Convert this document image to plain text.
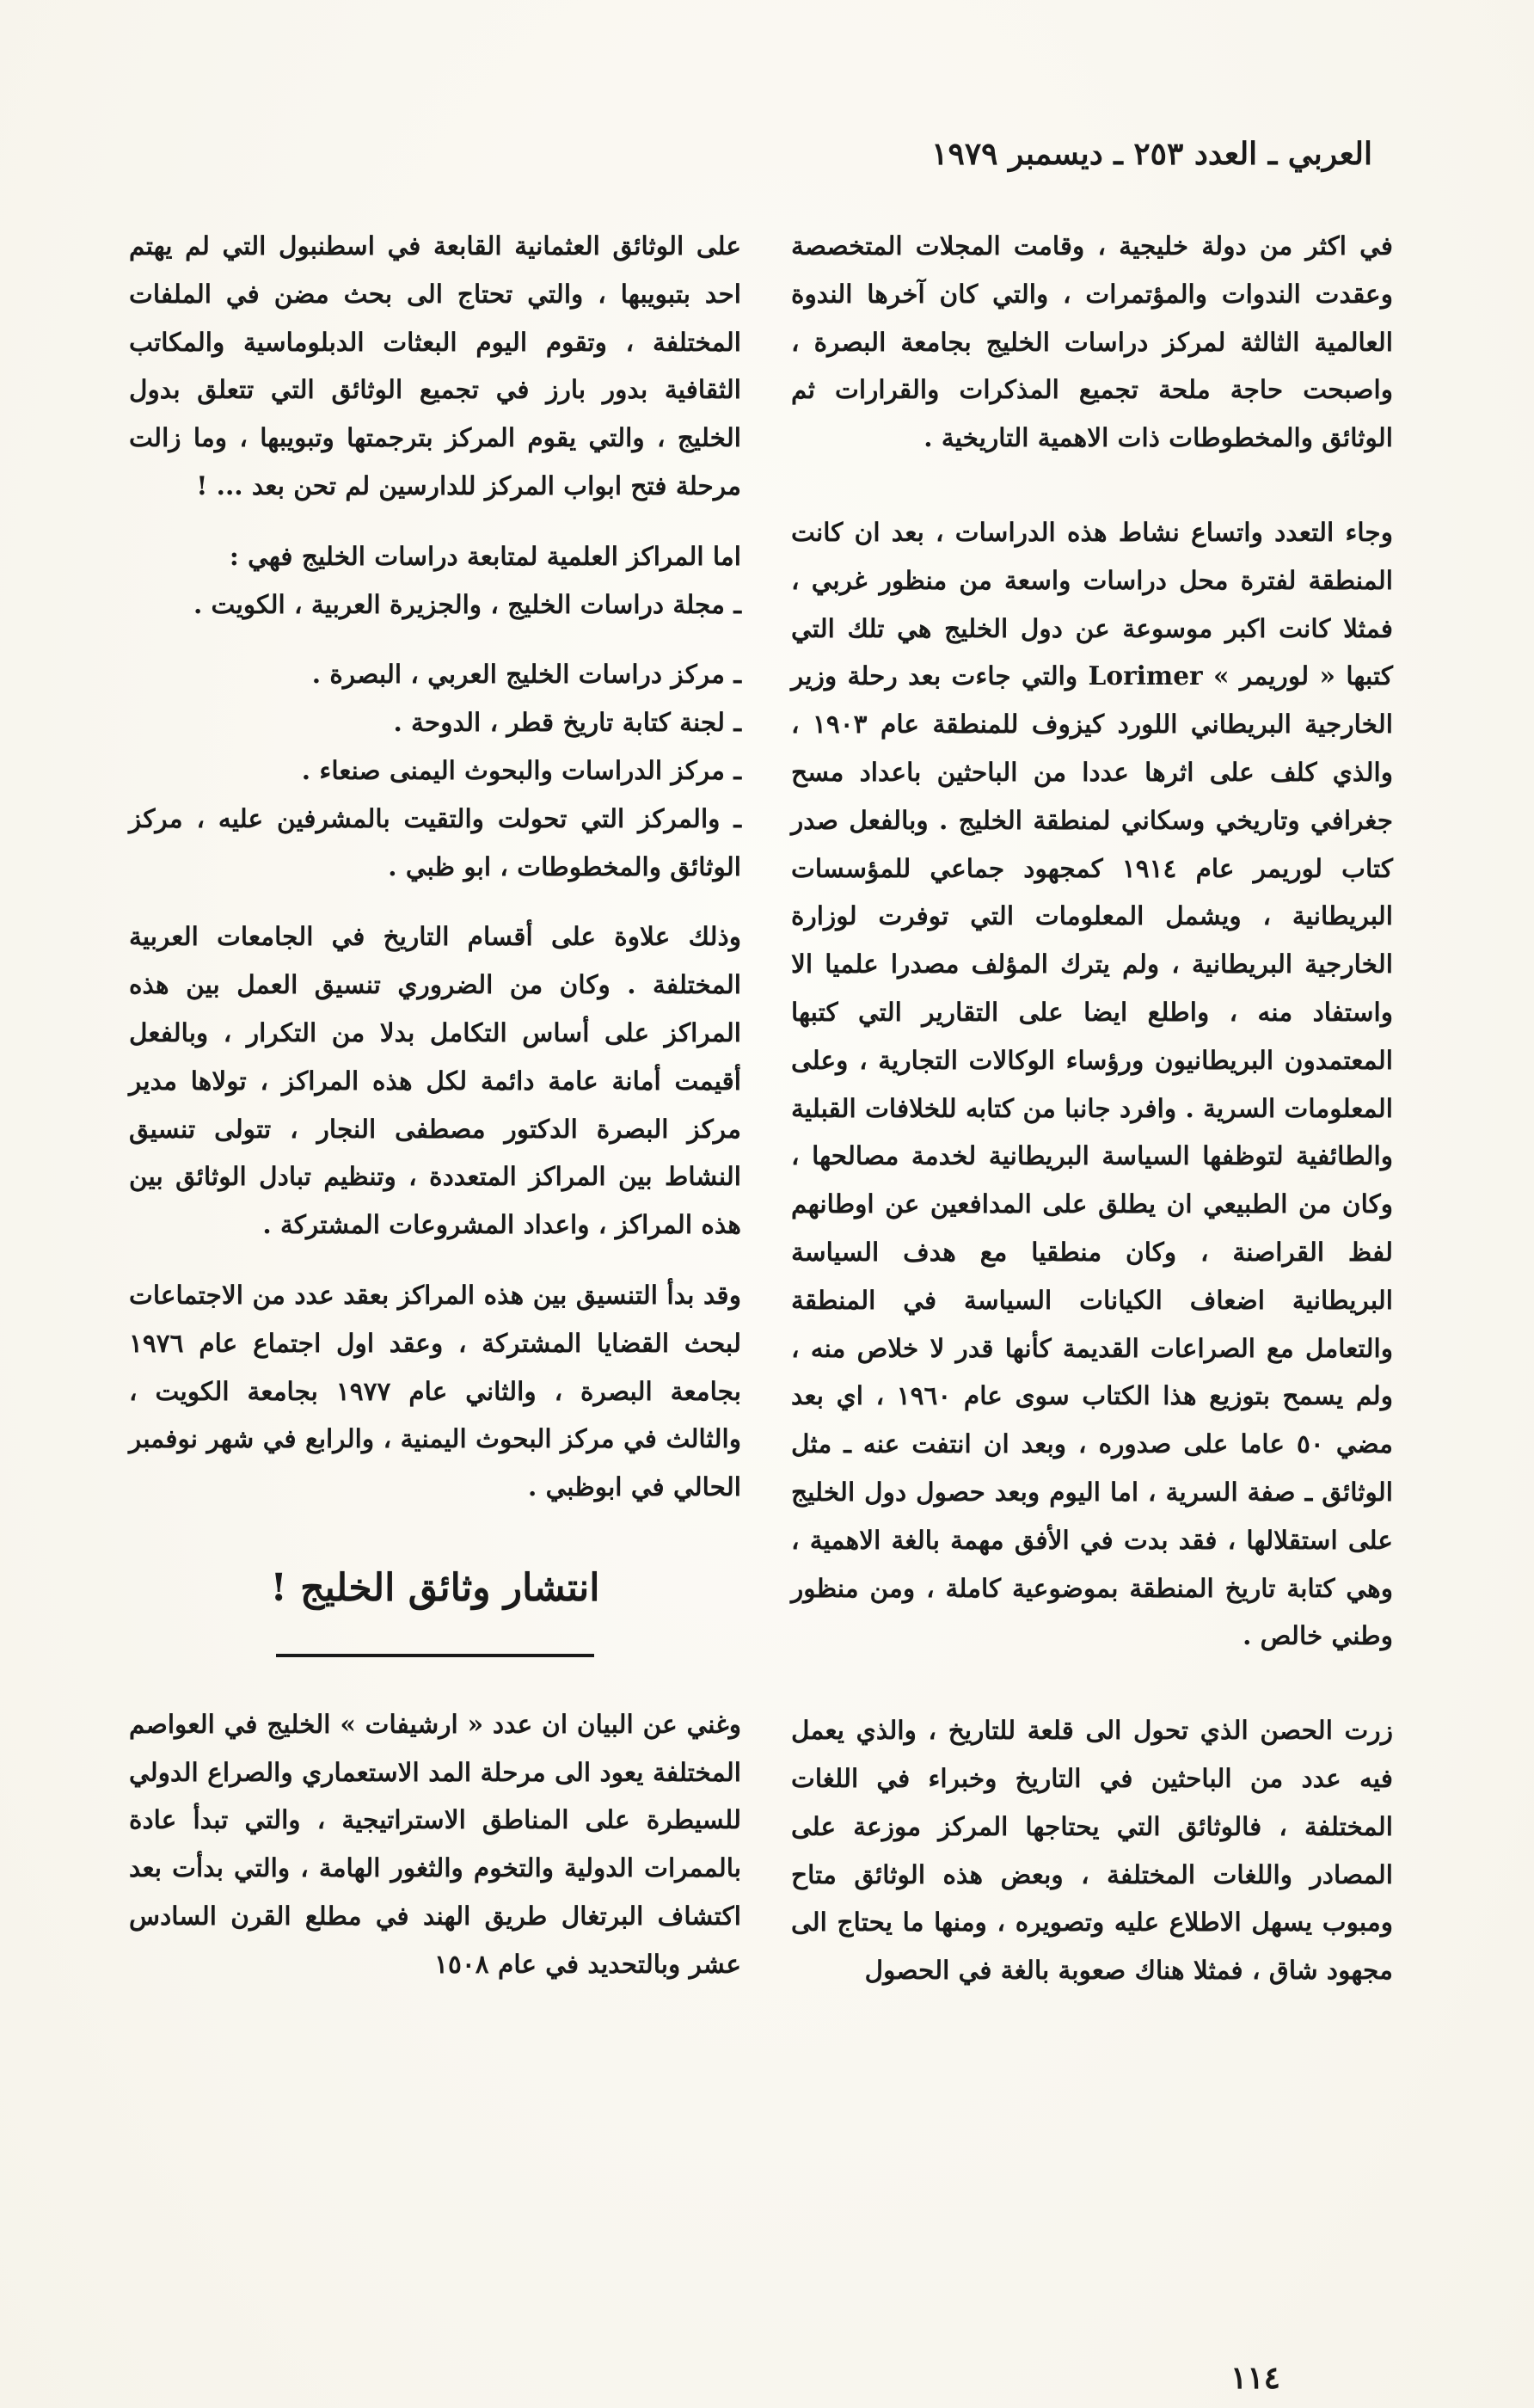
العربي ـ العدد ٢٥٣ ـ ديسمبر ١٩٧٩

في اكثر من دولة خليجية ، وقامت المجلات المتخصصة وعقدت الندوات والمؤتمرات ، والتي كان آخرها الندوة العالمية الثالثة لمركز دراسات الخليج بجامعة البصرة ، واصبحت حاجة ملحة تجميع المذكرات والقرارات ثم الوثائق والمخطوطات ذات الاهمية التاريخية .

وجاء التعدد واتساع نشاط هذه الدراسات ، بعد ان كانت المنطقة لفترة محل دراسات واسعة من منظور غربي ، فمثلا كانت اكبر موسوعة عن دول الخليج هي تلك التي كتبها « لوريمر » Lorimer والتي جاءت بعد رحلة وزير الخارجية البريطاني اللورد كيزوف للمنطقة عام ١٩٠٣ ، والذي كلف على اثرها عددا من الباحثين باعداد مسح جغرافي وتاريخي وسكاني لمنطقة الخليج . وبالفعل صدر كتاب لوريمر عام ١٩١٤ كمجهود جماعي للمؤسسات البريطانية ، ويشمل المعلومات التي توفرت لوزارة الخارجية البريطانية ، ولم يترك المؤلف مصدرا علميا الا واستفاد منه ، واطلع ايضا على التقارير التي كتبها المعتمدون البريطانيون ورؤساء الوكالات التجارية ، وعلى المعلومات السرية . وافرد جانبا من كتابه للخلافات القبلية والطائفية لتوظفها السياسة البريطانية لخدمة مصالحها ، وكان من الطبيعي ان يطلق على المدافعين عن اوطانهم لفظ القراصنة ، وكان منطقيا مع هدف السياسة البريطانية اضعاف الكيانات السياسة في المنطقة والتعامل مع الصراعات القديمة كأنها قدر لا خلاص منه ، ولم يسمح بتوزيع هذا الكتاب سوى عام ١٩٦٠ ، اي بعد مضي ٥٠ عاما على صدوره ، وبعد ان انتفت عنه ـ مثل الوثائق ـ صفة السرية ، اما اليوم وبعد حصول دول الخليج على استقلالها ، فقد بدت في الأفق مهمة بالغة الاهمية ، وهي كتابة تاريخ المنطقة بموضوعية كاملة ، ومن منظور وطني خالص .

زرت الحصن الذي تحول الى قلعة للتاريخ ، والذي يعمل فيه عدد من الباحثين في التاريخ وخبراء في اللغات المختلفة ، فالوثائق التي يحتاجها المركز موزعة على المصادر واللغات المختلفة ، وبعض هذه الوثائق متاح ومبوب يسهل الاطلاع عليه وتصويره ، ومنها ما يحتاج الى مجهود شاق ، فمثلا هناك صعوبة بالغة في الحصول

على الوثائق العثمانية القابعة في اسطنبول التي لم يهتم احد بتبويبها ، والتي تحتاج الى بحث مضن في الملفات المختلفة ، وتقوم اليوم البعثات الدبلوماسية والمكاتب الثقافية بدور بارز في تجميع الوثائق التي تتعلق بدول الخليج ، والتي يقوم المركز بترجمتها وتبويبها ، وما زالت مرحلة فتح ابواب المركز للدارسين لم تحن بعد ... !

اما المراكز العلمية لمتابعة دراسات الخليج فهي :

ـ مجلة دراسات الخليج ، والجزيرة العربية ، الكويت .

ـ مركز دراسات الخليج العربي ، البصرة .

ـ لجنة كتابة تاريخ قطر ، الدوحة .

ـ مركز الدراسات والبحوث اليمنى صنعاء .

ـ والمركز التي تحولت والتقيت بالمشرفين عليه ، مركز الوثائق والمخطوطات ، ابو ظبي .

وذلك علاوة على أقسام التاريخ في الجامعات العربية المختلفة . وكان من الضروري تنسيق العمل بين هذه المراكز على أساس التكامل بدلا من التكرار ، وبالفعل أقيمت أمانة عامة دائمة لكل هذه المراكز ، تولاها مدير مركز البصرة الدكتور مصطفى النجار ، تتولى تنسيق النشاط بين المراكز المتعددة ، وتنظيم تبادل الوثائق بين هذه المراكز ، واعداد المشروعات المشتركة .

وقد بدأ التنسيق بين هذه المراكز بعقد عدد من الاجتماعات لبحث القضايا المشتركة ، وعقد اول اجتماع عام ١٩٧٦ بجامعة البصرة ، والثاني عام ١٩٧٧ بجامعة الكويت ، والثالث في مركز البحوث اليمنية ، والرابع في شهر نوفمبر الحالي في ابوظبي .

انتشار وثائق الخليج !

وغني عن البيان ان عدد « ارشيفات » الخليج في العواصم المختلفة يعود الى مرحلة المد الاستعماري والصراع الدولي للسيطرة على المناطق الاستراتيجية ، والتي تبدأ عادة بالممرات الدولية والتخوم والثغور الهامة ، والتي بدأت بعد اكتشاف البرتغال طريق الهند في مطلع القرن السادس عشر وبالتحديد في عام ١٥٠٨

١١٤
